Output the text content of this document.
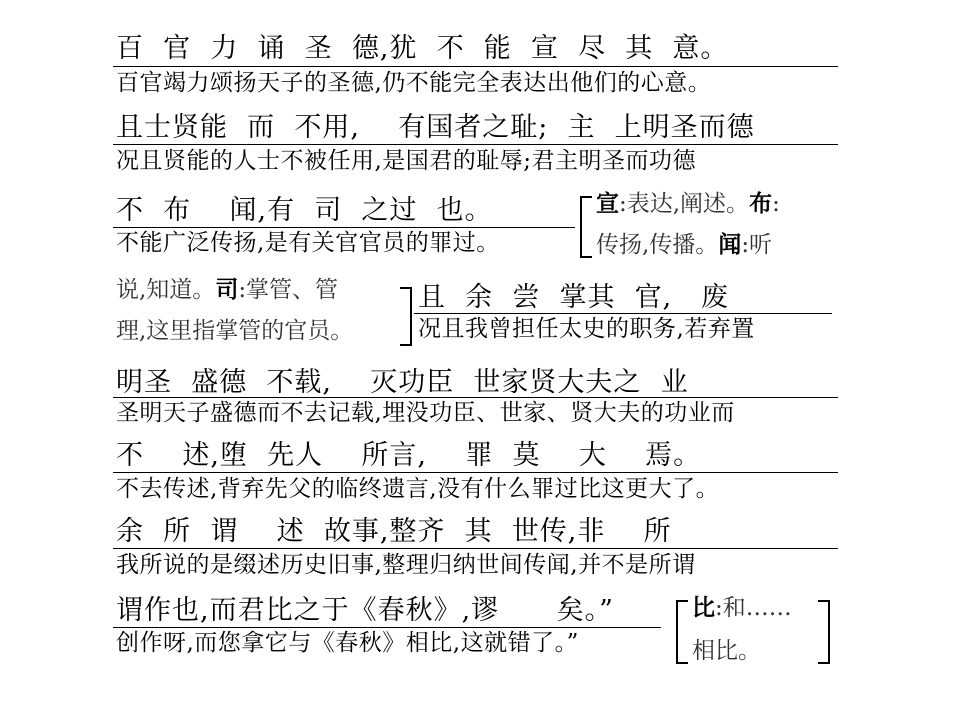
百  官  力  诵  圣  德,犹  不  能  宣  尽  其  意。
百官竭力颂扬天子的圣德,仍不能完全表达出他们的心意。
且士贤能  而  不用,    有国者之耻;  主  上明圣而德
况且贤能的人士不被任用,是国君的耻辱;君主明圣而功德
不  布    闻,有  司  之过  也。
不能广泛传扬,是有关官官员的罪过。
宣:表达,阐述。布:
传扬,传播。闻:听
说,知道。司:掌管、管
理,这里指掌管的官员。
且  余  尝  掌其  官,   废
况且我曾担任太史的职务,若弃置
明圣  盛德  不载,    灭功臣  世家贤大夫之  业
圣明天子盛德而不去记载,埋没功臣、世家、贤大夫的功业而
不    述,堕  先人    所言,    罪  莫    大    焉。
不去传述,背弃先父的临终遗言,没有什么罪过比这更大了。
余  所  谓    述  故事,整齐  其  世传,非    所
我所说的是缀述历史旧事,整理归纳世间传闻,并不是所谓
谓作也,而君比之于《春秋》,谬      矣。”
创作呀,而您拿它与《春秋》相比,这就错了。”
比:和……
相比。
